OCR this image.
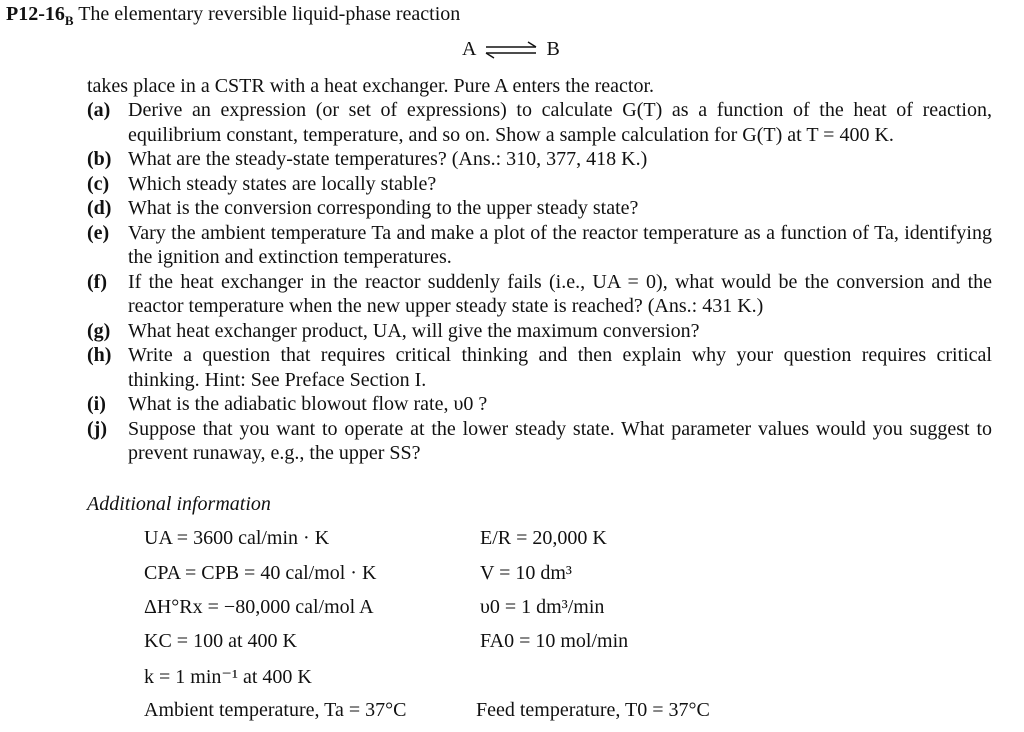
$P12-16_B$ The elementary reversible liquid-phase reaction
A ⇌ B
takes place in a CSTR with a heat exchanger. Pure A enters the reactor.
(a) Derive an expression (or set of expressions) to calculate G(T) as a function of the heat of reaction, equilibrium constant, temperature, and so on. Show a sample calculation for G(T) at T = 400 K.
(b) What are the steady-state temperatures? (Ans.: 310, 377, 418 K.)
(c) Which steady states are locally stable?
(d) What is the conversion corresponding to the upper steady state?
(e) Vary the ambient temperature Ta and make a plot of the reactor temperature as a function of Ta, identifying the ignition and extinction temperatures.
(f) If the heat exchanger in the reactor suddenly fails (i.e., UA = 0), what would be the conversion and the reactor temperature when the new upper steady state is reached? (Ans.: 431 K.)
(g) What heat exchanger product, UA, will give the maximum conversion?
(h) Write a question that requires critical thinking and then explain why your question requires critical thinking. Hint: See Preface Section I.
(i) What is the adiabatic blowout flow rate, υ0 ?
(j) Suppose that you want to operate at the lower steady state. What parameter values would you suggest to prevent runaway, e.g., the upper SS?
Additional information
UA = 3600 cal/min · K	E/R = 20,000 K
CPA = CPB = 40 cal/mol · K	V = 10 dm³
ΔH°Rx = −80,000 cal/mol A	υ0 = 1 dm³/min
KC = 100 at 400 K	FA0 = 10 mol/min
k = 1 min⁻¹ at 400 K
Ambient temperature, Ta = 37°C	Feed temperature, T0 = 37°C
